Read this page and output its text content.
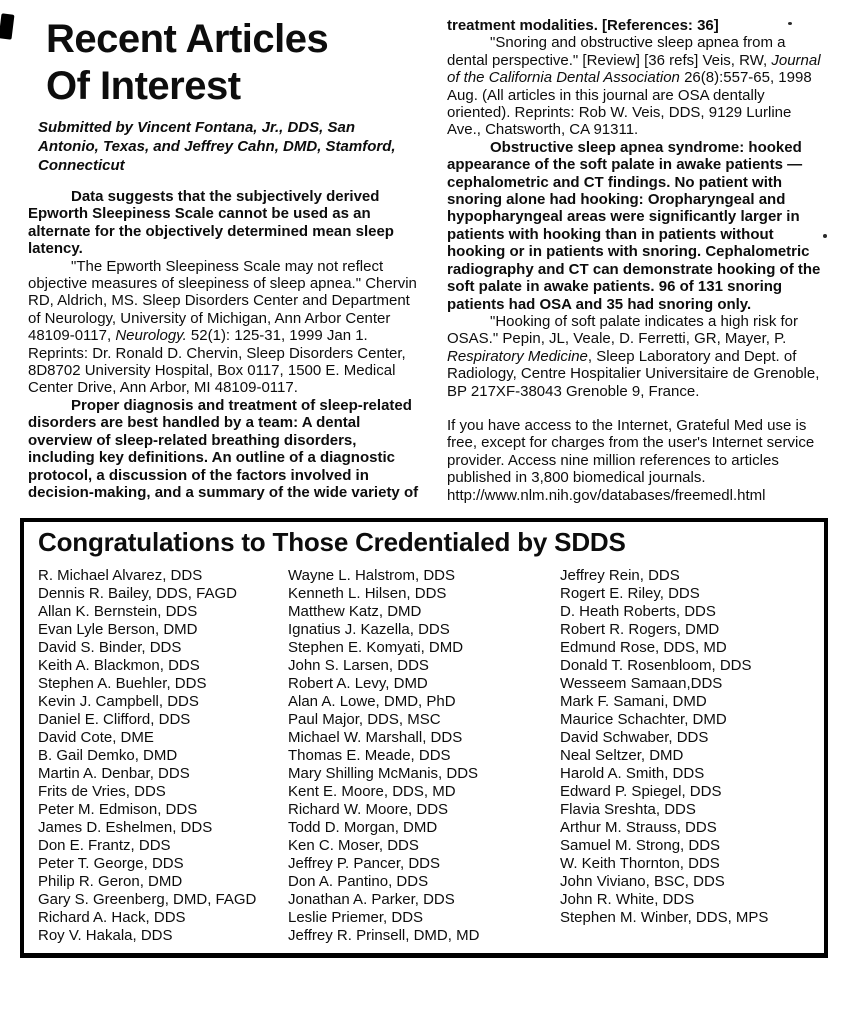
Recent Articles
Of Interest

Submitted by Vincent Fontana, Jr., DDS, San Antonio, Texas, and Jeffrey Cahn, DMD, Stamford, Connecticut

Data suggests that the subjectively derived Epworth Sleepiness Scale cannot be used as an alternate for the objectively determined mean sleep latency.

"The Epworth Sleepiness Scale may not reflect objective measures of sleepiness of sleep apnea." Chervin RD, Aldrich, MS. Sleep Disorders Center and Department of Neurology, University of Michigan, Ann Arbor Center 48109-0117, Neurology. 52(1): 125-31, 1999 Jan 1. Reprints: Dr. Ronald D. Chervin, Sleep Disorders Center, 8D8702 University Hospital, Box 0117, 1500 E. Medical Center Drive, Ann Arbor, MI 48109-0117.

Proper diagnosis and treatment of sleep-related disorders are best handled by a team: A dental overview of sleep-related breathing disorders, including key definitions. An outline of a diagnostic protocol, a discussion of the factors involved in decision-making, and a summary of the wide variety of

treatment modalities. [References: 36]

"Snoring and obstructive sleep apnea from a dental perspective." [Review] [36 refs] Veis, RW, Journal of the California Dental Association 26(8):557-65, 1998 Aug. (All articles in this journal are OSA dentally oriented). Reprints: Rob W. Veis, DDS, 9129 Lurline Ave., Chatsworth, CA 91311.

Obstructive sleep apnea syndrome: hooked appearance of the soft palate in awake patients — cephalometric and CT findings. No patient with snoring alone had hooking: Oropharyngeal and hypopharyngeal areas were significantly larger in patients with hooking than in patients without hooking or in patients with snoring. Cephalometric radiography and CT can demonstrate hooking of the soft palate in awake patients. 96 of 131 snoring patients had OSA and 35 had snoring only.

"Hooking of soft palate indicates a high risk for OSAS." Pepin, JL, Veale, D. Ferretti, GR, Mayer, P. Respiratory Medicine, Sleep Laboratory and Dept. of Radiology, Centre Hospitalier Universitaire de Grenoble, BP 217XF-38043 Grenoble 9, France.

If you have access to the Internet, Grateful Med use is free, except for charges from the user's Internet service provider. Access nine million references to articles published in 3,800 biomedical journals. http://www.nlm.nih.gov/databases/freemedl.html

Congratulations to Those Credentialed by SDDS
R. Michael Alvarez, DDS
Dennis R. Bailey, DDS, FAGD
Allan K. Bernstein, DDS
Evan Lyle Berson, DMD
David S. Binder, DDS
Keith A. Blackmon, DDS
Stephen A. Buehler, DDS
Kevin J. Campbell, DDS
Daniel E. Clifford, DDS
David Cote, DME
B. Gail Demko, DMD
Martin A. Denbar, DDS
Frits de Vries, DDS
Peter M. Edmison, DDS
James D. Eshelmen, DDS
Don E. Frantz, DDS
Peter T. George, DDS
Philip R. Geron, DMD
Gary S. Greenberg, DMD, FAGD
Richard A. Hack, DDS
Roy V. Hakala, DDS
Wayne L. Halstrom, DDS
Kenneth L. Hilsen, DDS
Matthew Katz, DMD
Ignatius J. Kazella, DDS
Stephen E. Komyati, DMD
John S. Larsen, DDS
Robert A. Levy, DMD
Alan A. Lowe, DMD, PhD
Paul Major, DDS, MSC
Michael W. Marshall, DDS
Thomas E. Meade, DDS
Mary Shilling McManis, DDS
Kent E. Moore, DDS, MD
Richard W. Moore, DDS
Todd D. Morgan, DMD
Ken C. Moser, DDS
Jeffrey P. Pancer, DDS
Don A. Pantino, DDS
Jonathan A. Parker, DDS
Leslie Priemer, DDS
Jeffrey R. Prinsell, DMD, MD
Jeffrey Rein, DDS
Rogert E. Riley, DDS
D. Heath Roberts, DDS
Robert R. Rogers, DMD
Edmund Rose, DDS, MD
Donald T. Rosenbloom, DDS
Wesseem Samaan,DDS
Mark F. Samani, DMD
Maurice Schachter, DMD
David Schwaber, DDS
Neal Seltzer, DMD
Harold A. Smith, DDS
Edward P. Spiegel, DDS
Flavia Sreshta, DDS
Arthur M. Strauss, DDS
Samuel M. Strong, DDS
W. Keith Thornton, DDS
John Viviano, BSC, DDS
John R. White, DDS
Stephen M. Winber, DDS, MPS
